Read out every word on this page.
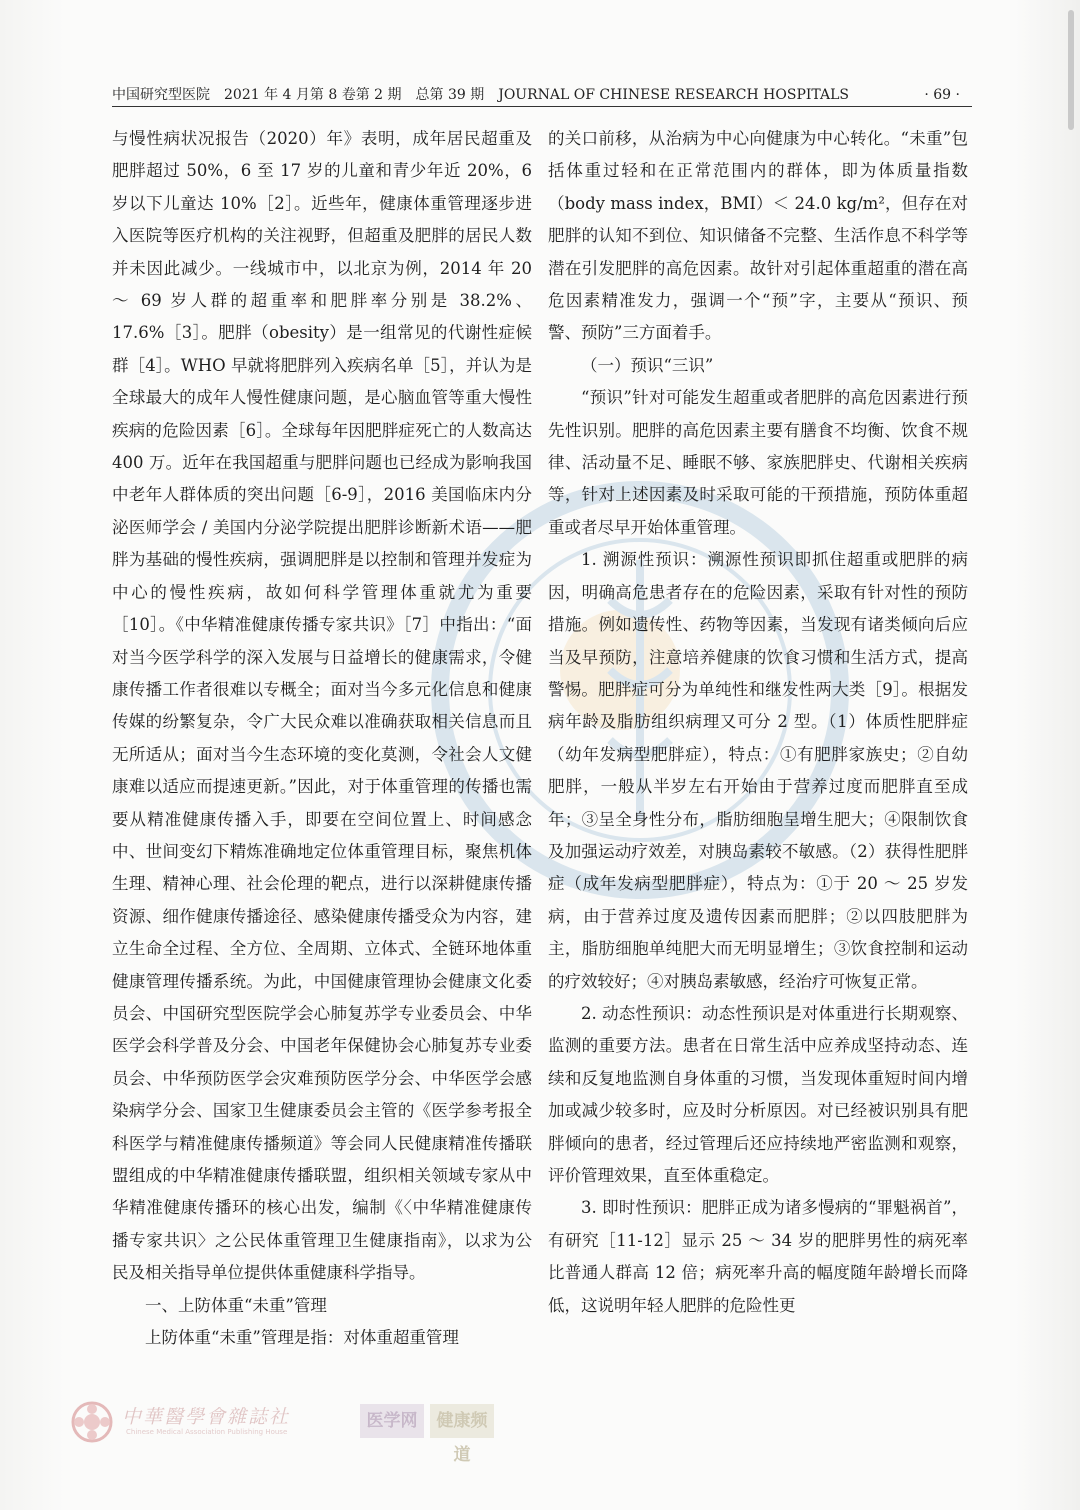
中国研究型医院　2021 年 4 月第 8 卷第 2 期　总第 39 期　JOURNAL OF CHINESE RESEARCH HOSPITALS	· 69 ·

与慢性病状况报告（2020）年》表明，成年居民超重及肥胖超过 50%，6 至 17 岁的儿童和青少年近 20%，6 岁以下儿童达 10%［2］。近些年，健康体重管理逐步进入医院等医疗机构的关注视野，但超重及肥胖的居民人数并未因此减少。一线城市中，以北京为例，2014 年 20 ～ 69 岁人群的超重率和肥胖率分别是 38.2%、17.6%［3］。肥胖（obesity）是一组常见的代谢性症候群［4］。WHO 早就将肥胖列入疾病名单［5］，并认为是全球最大的成年人慢性健康问题，是心脑血管等重大慢性疾病的危险因素［6］。全球每年因肥胖症死亡的人数高达 400 万。近年在我国超重与肥胖问题也已经成为影响我国中老年人群体质的突出问题［6-9］，2016 美国临床内分泌医师学会 / 美国内分泌学院提出肥胖诊断新术语——肥胖为基础的慢性疾病，强调肥胖是以控制和管理并发症为中心的慢性疾病，故如何科学管理体重就尤为重要［10］。《中华精准健康传播专家共识》［7］中指出：“面对当今医学科学的深入发展与日益增长的健康需求，令健康传播工作者很难以专概全；面对当今多元化信息和健康传媒的纷繁复杂，令广大民众难以准确获取相关信息而且无所适从；面对当今生态环境的变化莫测，令社会人文健康难以适应而提速更新。”因此，对于体重管理的传播也需要从精准健康传播入手，即要在空间位置上、时间感念中、世间变幻下精炼准确地定位体重管理目标，聚焦机体生理、精神心理、社会伦理的靶点，进行以深耕健康传播资源、细作健康传播途径、感染健康传播受众为内容，建立生命全过程、全方位、全周期、立体式、全链环地体重健康管理传播系统。为此，中国健康管理协会健康文化委员会、中国研究型医院学会心肺复苏学专业委员会、中华医学会科学普及分会、中国老年保健协会心肺复苏专业委员会、中华预防医学会灾难预防医学分会、中华医学会感染病学分会、国家卫生健康委员会主管的《医学参考报全科医学与精准健康传播频道》等会同人民健康精准传播联盟组成的中华精准健康传播联盟，组织相关领域专家从中华精准健康传播环的核心出发，编制《〈中华精准健康传播专家共识〉之公民体重管理卫生健康指南》，以求为公民及相关指导单位提供体重健康科学指导。

一、上防体重“未重”管理

上防体重“未重”管理是指：对体重超重管理

的关口前移，从治病为中心向健康为中心转化。“未重”包括体重过轻和在正常范围内的群体，即为体质量指数（body mass index，BMI）＜ 24.0 kg/m²，但存在对肥胖的认知不到位、知识储备不完整、生活作息不科学等潜在引发肥胖的高危因素。故针对引起体重超重的潜在高危因素精准发力，强调一个“预”字，主要从“预识、预警、预防”三方面着手。

（一）预识“三识”

“预识”针对可能发生超重或者肥胖的高危因素进行预先性识别。肥胖的高危因素主要有膳食不均衡、饮食不规律、活动量不足、睡眠不够、家族肥胖史、代谢相关疾病等，针对上述因素及时采取可能的干预措施，预防体重超重或者尽早开始体重管理。

1. 溯源性预识：溯源性预识即抓住超重或肥胖的病因，明确高危患者存在的危险因素，采取有针对性的预防措施。例如遗传性、药物等因素，当发现有诸类倾向后应当及早预防，注意培养健康的饮食习惯和生活方式，提高警惕。肥胖症可分为单纯性和继发性两大类［9］。根据发病年龄及脂肪组织病理又可分 2 型。（1）体质性肥胖症（幼年发病型肥胖症），特点：①有肥胖家族史；②自幼肥胖，一般从半岁左右开始由于营养过度而肥胖直至成年；③呈全身性分布，脂肪细胞呈增生肥大；④限制饮食及加强运动疗效差，对胰岛素较不敏感。（2）获得性肥胖症（成年发病型肥胖症），特点为：①于 20 ～ 25 岁发病，由于营养过度及遗传因素而肥胖；②以四肢肥胖为主，脂肪细胞单纯肥大而无明显增生；③饮食控制和运动的疗效较好；④对胰岛素敏感，经治疗可恢复正常。

2. 动态性预识：动态性预识是对体重进行长期观察、监测的重要方法。患者在日常生活中应养成坚持动态、连续和反复地监测自身体重的习惯，当发现体重短时间内增加或减少较多时，应及时分析原因。对已经被识别具有肥胖倾向的患者，经过管理后还应持续地严密监测和观察，评价管理效果，直至体重稳定。

3. 即时性预识：肥胖正成为诸多慢病的“罪魁祸首”，有研究［11-12］显示 25 ～ 34 岁的肥胖男性的病死率比普通人群高 12 倍；病死率升高的幅度随年龄增长而降低，这说明年轻人肥胖的危险性更

中華醫學會雜誌社
Chinese Medical Association Publishing House
医学网	健康频道
